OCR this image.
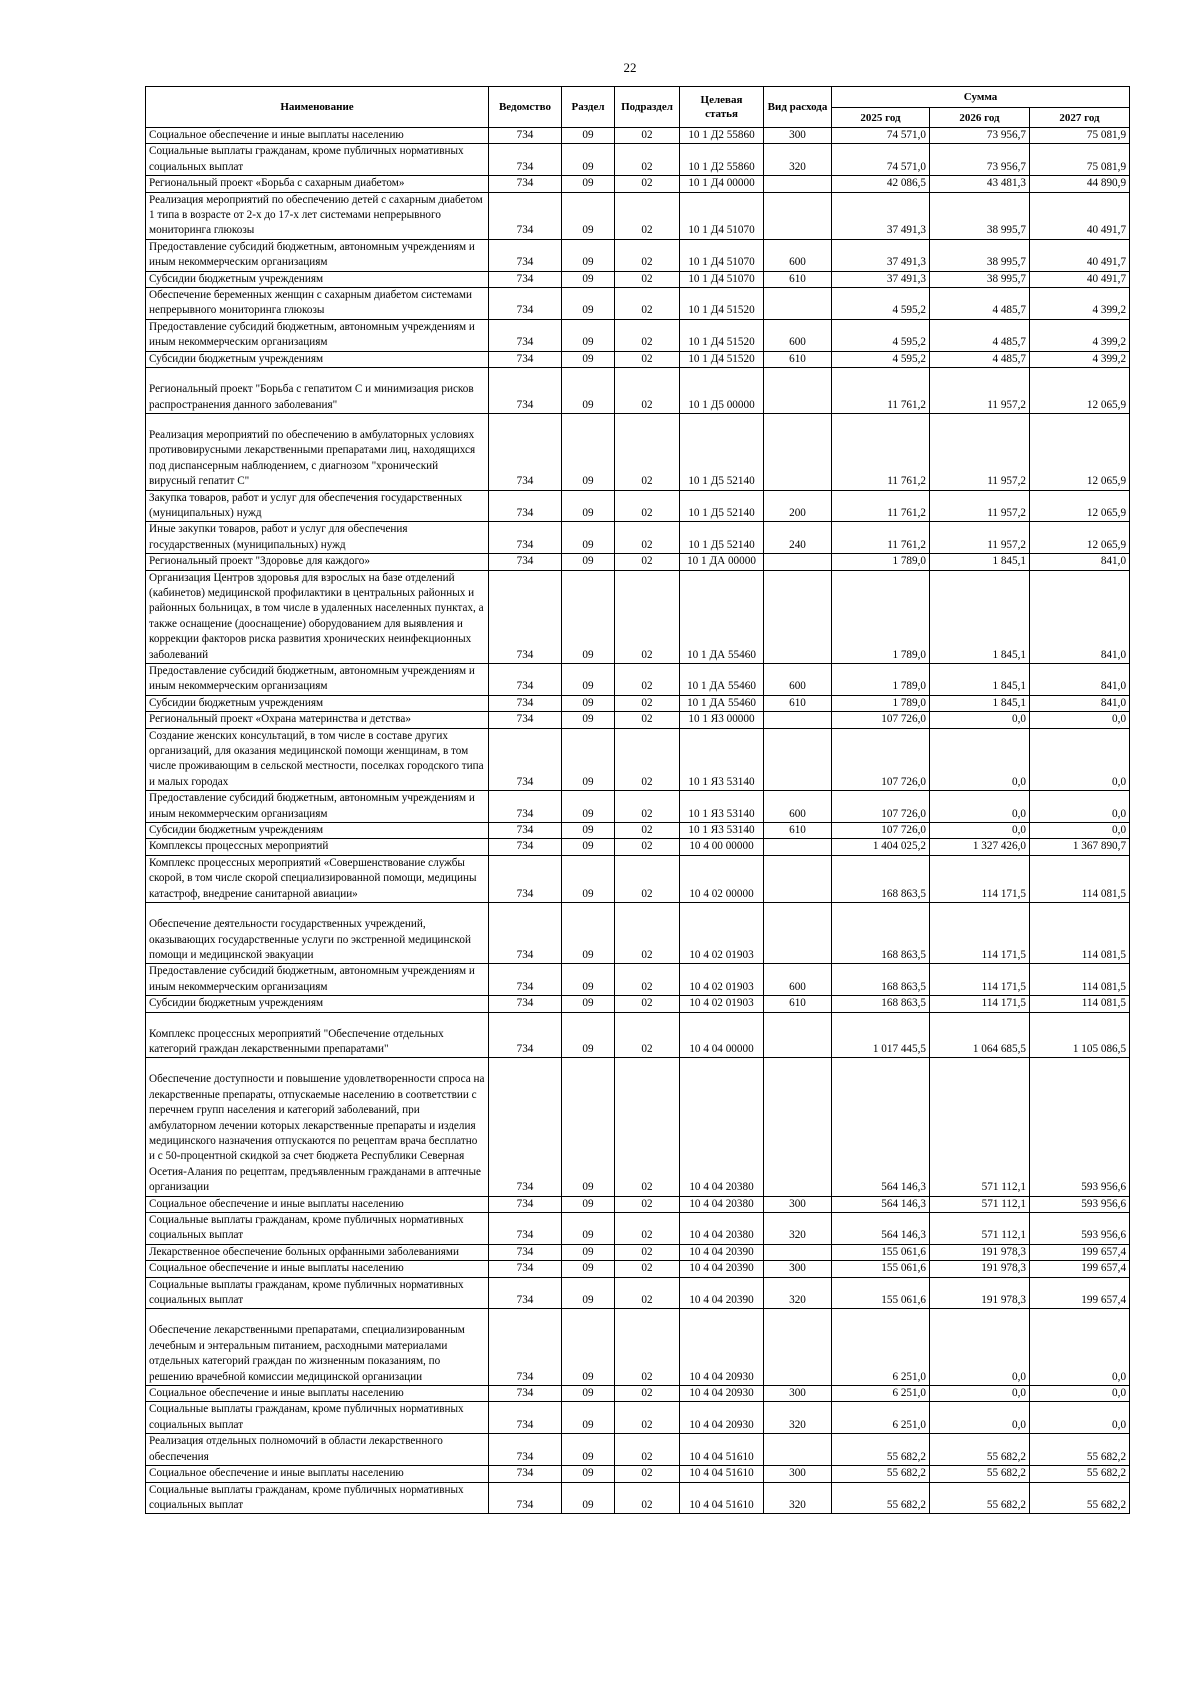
22
Наименование	Ведомство	Раздел	Подраздел	Целевая статья	Вид расхода	Сумма		
						2025 год	2026 год	2027 год
Социальное обеспечение и иные выплаты населению	734	09	02	10 1 Д2 55860	300	74 571,0	73 956,7	75 081,9
Социальные выплаты гражданам, кроме публичных нормативных социальных выплат	734	09	02	10 1 Д2 55860	320	74 571,0	73 956,7	75 081,9
Региональный проект «Борьба с сахарным диабетом»	734	09	02	10 1 Д4 00000		42 086,5	43 481,3	44 890,9
Реализация мероприятий по обеспечению детей с сахарным диабетом 1 типа в возрасте от 2-х до 17-х лет системами непрерывного мониторинга глюкозы	734	09	02	10 1 Д4 51070		37 491,3	38 995,7	40 491,7
Предоставление субсидий бюджетным, автономным учреждениям и иным некоммерческим организациям	734	09	02	10 1 Д4 51070	600	37 491,3	38 995,7	40 491,7
Субсидии бюджетным учреждениям	734	09	02	10 1 Д4 51070	610	37 491,3	38 995,7	40 491,7
Обеспечение беременных женщин с сахарным диабетом системами непрерывного мониторинга глюкозы	734	09	02	10 1 Д4 51520		4 595,2	4 485,7	4 399,2
Предоставление субсидий бюджетным, автономным учреждениям и иным некоммерческим организациям	734	09	02	10 1 Д4 51520	600	4 595,2	4 485,7	4 399,2
Субсидии бюджетным учреждениям	734	09	02	10 1 Д4 51520	610	4 595,2	4 485,7	4 399,2
Региональный проект "Борьба с гепатитом С и минимизация рисков распространения данного заболевания"	734	09	02	10 1 Д5 00000		11 761,2	11 957,2	12 065,9
Реализация мероприятий по обеспечению в амбулаторных условиях противовирусными лекарственными препаратами лиц, находящихся под диспансерным наблюдением, с диагнозом "хронический вирусный гепатит С"	734	09	02	10 1 Д5 52140		11 761,2	11 957,2	12 065,9
Закупка товаров, работ и услуг для обеспечения государственных (муниципальных) нужд	734	09	02	10 1 Д5 52140	200	11 761,2	11 957,2	12 065,9
Иные закупки товаров, работ и услуг для обеспечения государственных (муниципальных) нужд	734	09	02	10 1 Д5 52140	240	11 761,2	11 957,2	12 065,9
Региональный проект "Здоровье для каждого»	734	09	02	10 1 ДА 00000		1 789,0	1 845,1	841,0
Организация Центров здоровья для взрослых на базе отделений (кабинетов) медицинской профилактики в центральных районных и районных больницах, в том числе в удаленных населенных пунктах, а также оснащение (дооснащение) оборудованием для выявления и коррекции факторов риска развития хронических неинфекционных заболеваний	734	09	02	10 1 ДА 55460		1 789,0	1 845,1	841,0
Предоставление субсидий бюджетным, автономным учреждениям и иным некоммерческим организациям	734	09	02	10 1 ДА 55460	600	1 789,0	1 845,1	841,0
Субсидии бюджетным учреждениям	734	09	02	10 1 ДА 55460	610	1 789,0	1 845,1	841,0
Региональный проект «Охрана материнства и детства»	734	09	02	10 1 Я3 00000		107 726,0	0,0	0,0
Создание женских консультаций, в том числе в составе других организаций, для оказания медицинской помощи женщинам, в том числе проживающим в сельской местности, поселках городского типа и малых городах	734	09	02	10 1 Я3 53140		107 726,0	0,0	0,0
Предоставление субсидий бюджетным, автономным учреждениям и иным некоммерческим организациям	734	09	02	10 1 Я3 53140	600	107 726,0	0,0	0,0
Субсидии бюджетным учреждениям	734	09	02	10 1 Я3 53140	610	107 726,0	0,0	0,0
Комплексы процессных мероприятий	734	09	02	10 4 00 00000		1 404 025,2	1 327 426,0	1 367 890,7
Комплекс процессных мероприятий «Совершенствование службы скорой, в том числе скорой специализированной помощи, медицины катастроф, внедрение санитарной авиации»	734	09	02	10 4 02 00000		168 863,5	114 171,5	114 081,5
Обеспечение деятельности государственных учреждений, оказывающих государственные услуги по экстренной медицинской помощи и медицинской эвакуации	734	09	02	10 4 02 01903		168 863,5	114 171,5	114 081,5
Предоставление субсидий бюджетным, автономным учреждениям и иным некоммерческим организациям	734	09	02	10 4 02 01903	600	168 863,5	114 171,5	114 081,5
Субсидии бюджетным учреждениям	734	09	02	10 4 02 01903	610	168 863,5	114 171,5	114 081,5
Комплекс процессных мероприятий "Обеспечение отдельных категорий граждан лекарственными препаратами"	734	09	02	10 4 04 00000		1 017 445,5	1 064 685,5	1 105 086,5
Обеспечение доступности и повышение удовлетворенности спроса на лекарственные препараты, отпускаемые населению в соответствии с перечнем групп населения и категорий заболеваний, при амбулаторном лечении которых лекарственные препараты и изделия медицинского назначения отпускаются по рецептам врача бесплатно и с 50-процентной скидкой за счет бюджета Республики Северная Осетия-Алания по рецептам, предъявленным гражданами в аптечные организации	734	09	02	10 4 04 20380		564 146,3	571 112,1	593 956,6
Социальное обеспечение и иные выплаты населению	734	09	02	10 4 04 20380	300	564 146,3	571 112,1	593 956,6
Социальные выплаты гражданам, кроме публичных нормативных социальных выплат	734	09	02	10 4 04 20380	320	564 146,3	571 112,1	593 956,6
Лекарственное обеспечение больных орфанными заболеваниями	734	09	02	10 4 04 20390		155 061,6	191 978,3	199 657,4
Социальное обеспечение и иные выплаты населению	734	09	02	10 4 04 20390	300	155 061,6	191 978,3	199 657,4
Социальные выплаты гражданам, кроме публичных нормативных социальных выплат	734	09	02	10 4 04 20390	320	155 061,6	191 978,3	199 657,4
Обеспечение лекарственными препаратами, специализированным лечебным и энтеральным питанием, расходными материалами отдельных категорий граждан по жизненным показаниям, по решению врачебной комиссии медицинской организации	734	09	02	10 4 04 20930		6 251,0	0,0	0,0
Социальное обеспечение и иные выплаты населению	734	09	02	10 4 04 20930	300	6 251,0	0,0	0,0
Социальные выплаты гражданам, кроме публичных нормативных социальных выплат	734	09	02	10 4 04 20930	320	6 251,0	0,0	0,0
Реализация отдельных полномочий в области лекарственного обеспечения	734	09	02	10 4 04 51610		55 682,2	55 682,2	55 682,2
Социальное обеспечение и иные выплаты населению	734	09	02	10 4 04 51610	300	55 682,2	55 682,2	55 682,2
Социальные выплаты гражданам, кроме публичных нормативных социальных выплат	734	09	02	10 4 04 51610	320	55 682,2	55 682,2	55 682,2
